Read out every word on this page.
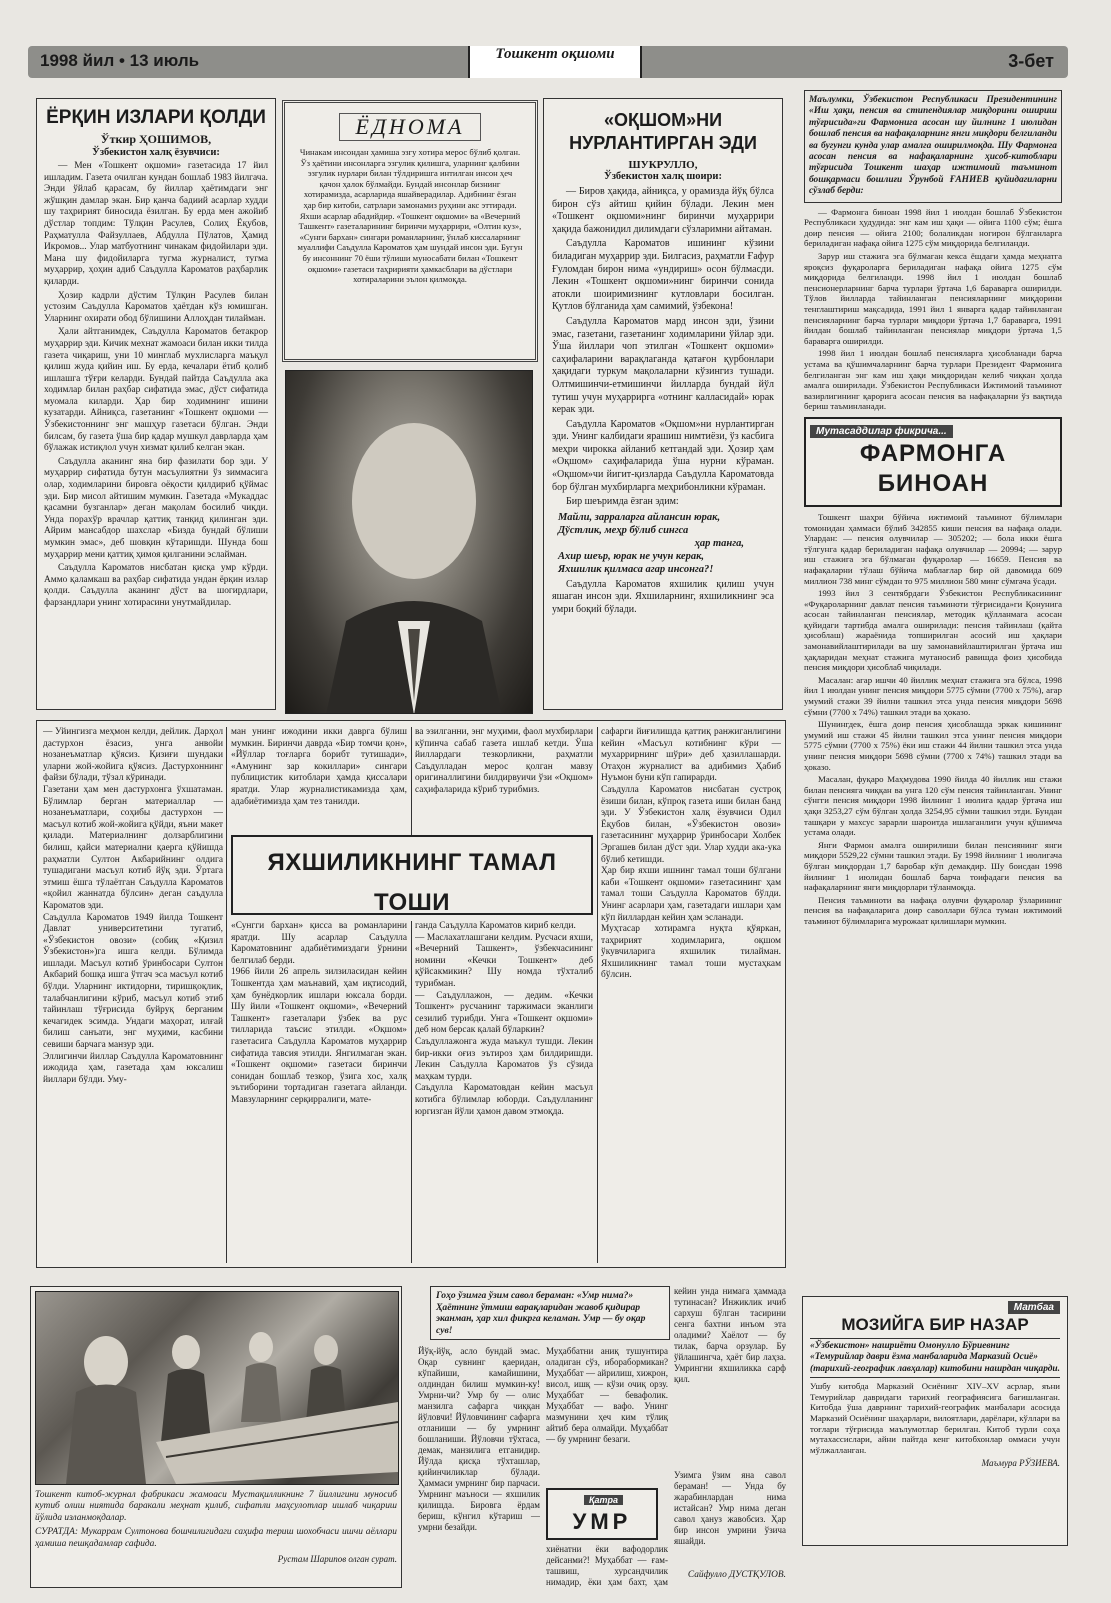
1998 йил • 13 июль	Тошкент оқшоми	3-бет
ЁРҚИН ИЗЛАРИ ҚОЛДИ
Ўткир ҲОШИМОВ,
Ўзбекистон халқ ёзувчиси:

— Мен «Тошкент оқшоми» газетасида 17 йил ишладим. Газета очилган кундан бошлаб 1983 йилгача. Энди ўйлаб қарасам, бу йиллар ҳаётимдаги энг жўшқин дамлар экан. Бир қанча бадиий асарлар худди шу таҳририят биносида ёзилган. Бу ерда мен ажойиб дўстлар топдим: Тўлқин Расулев, Солиҳ Ёқубов, Раҳматулла Файзуллаев, Абдулла Пўлатов, Ҳамид Икромов... Улар матбуотнинг чинакам фидойилари эди. Мана шу фидойиларга тугма журналист, тугма муҳаррир, ҳоҳин адиб Саъдулла Кароматов раҳбарлик қиларди.

Ҳозир кадрли дўстим Тўлқин Расулев билан устозим Саъдулла Кароматов ҳаётдан кўз юмишган. Уларнинг охирати обод бўлишини Аллоҳдан тилайман.

Ҳали айтганимдек, Саъдулла Кароматов бетакрор муҳаррир эди. Кичик мехнат жамоаси билан икки тилда газета чиқариш, уни 10 минглаб мухлисларга маъқул қилиш жуда қийин иш. Бу ерда, кечалари ётиб қолиб ишлашга тўғри келарди. Бундай пайтда Саъдулла ака ходимлар билан раҳбар сифатида эмас, дўст сифатида муомала киларди. Ҳар бир ходимнинг ишини кузатарди. Айниқса, газетанинг «Тошкент оқшоми — Ўзбекистоннинг энг машҳур газетаси бўлган. Энди билсам, бу газета ўша бир қадар мушкул даврларда ҳам бўлажак истиқлол учун хизмат қилиб келган экан.

Саъдулла аканинг яна бир фазилати бор эди. У муҳаррир сифатида бутун масъулиятни ўз зиммасига олар, ходимларини бировга оёқости қилдириб қўймас эди. Бир мисол айтишим мумкин. Газетада «Мукаддас қасамни бузганлар» деган мақолам босилиб чиқди. Унда порахўр врачлар қаттиқ танқид қилинган эди. Айрим мансабдор шахслар «Бизда бундай бўлиши мумкин эмас», деб шовқин кўтаришди. Шунда бош муҳаррир мени қаттиқ ҳимоя қилганини эслайман.

Саъдулла Кароматов нисбатан қисқа умр кўрди. Аммо қаламкаш ва раҳбар сифатида ундан ёрқин излар қолди. Саъдулла аканинг дўст ва шогирдлари, фарзандлари унинг хотирасини унутмайдилар.

ЁДНОМА
Чинакам инсондан ҳамиша эзгу хотира мерос бўлиб қолган. Ўз ҳаётини инсонларга эзгулик қилишга, уларнинг қалбини эзгулик нурлари билан тўлдиришга интилган инсон ҳеч қачон ҳалок бўлмайди. Бундай инсонлар бизнинг хотирамизда, асарларида яшайверадилар. Адибнинг ёзган ҳар бир китоби, сатрлари замонамиз руҳини акс эттиради. Яхши асарлар абадийдир. «Тошкент оқшоми» ва «Вечерний Ташкент» газеталарининг биринчи муҳаррири, «Олтин куз», «Сунги бархан» сингари романларнинг, ўнлаб киссаларнинг муаллифи Саъдулла Кароматов ҳам шундай инсон эди. Бугун бу инсоннинг 70 ёши тўлиши муносабати билан «Тошкент оқшоми» газетаси таҳририяти ҳамкасблари ва дўстлари хотираларини эълон қилмоқда.
«ОҚШОМ»НИ НУРЛАНТИРГАН ЭДИ
ШУКРУЛЛО,
Ўзбекистон халқ шоири:

— Биров ҳақида, айниқса, у орамизда йўқ бўлса бирон сўз айтиш қийин бўлади. Лекин мен «Тошкент оқшоми»нинг биринчи муҳаррири ҳақида бажонидил дилимдаги сўзларимни айтаман.

Саъдулла Кароматов ишининг кўзини биладиган муҳаррир эди. Билгасиз, раҳматли Ғафур Ғуломдан бирон нима «ундириш» осон бўлмасди. Лекин «Тошкент оқшоми»нинг биринчи сонида атокли шоиримизнинг кутловлари босилган. Қутлов бўлганида ҳам самимий, ўзбекона!

Саъдулла Кароматов мард инсон эди, ўзини эмас, газетани, газетанинг ходимларини ўйлар эди. Ўша йиллари чоп этилган «Тошкент оқшоми» саҳифаларини варақлаганда қатағон қурбонлари ҳақидаги туркум мақолаларни кўзингиз тушади. Олтмишинчи-етмишинчи йилларда бундай йўл тутиш учун муҳаррирга «отнинг калласидай» юрак керак эди.

Саъдулла Кароматов «Оқшом»ни нурлантирган эди. Унинг калбидаги ярашиш нимтиёзи, ўз касбига меҳри чирокка айланиб кетгандай эди. Ҳозир ҳам «Оқшом» саҳифаларида ўша нурни кўраман. «Оқшом»чи йигит-қизларда Саъдулла Кароматовда бор бўлган мухбирларга меҳрибонликни кўраман.

Бир шеъримда ёзган эдим:

Майли, зарраларга айлансин юрак,
Дўстлик, меҳр бўлиб сингса
ҳар танга,
Ахир шеър, юрак не учун керак,
Яхшилик қилмаса агар инсонга?!

Саъдулла Кароматов яхшилик қилиш учун яшаган инсон эди. Яхшиларнинг, яхшиликнинг эса умри боқий бўлади.

Маълумки, Ўзбекистон Республикаси Президентининг «Иш ҳақи, пенсия ва стипендиялар миқдорини ошириш тўғрисида»ги Фармонига асосан шу йилнинг 1 июлидан бошлаб пенсия ва нафақаларнинг янги миқдори белгиланди ва бугунги кунда улар амалга оширилмоқда. Шу Фармонга асосан пенсия ва нафақаларнинг ҳисоб-китоблари тўғрисида Тошкент шаҳар ижтимоий таъминот бошқармаси бошлиғи Ўрунбой ҒАНИЕВ қуйидагиларни сўзлаб берди:

— Фармонга биноан 1998 йил 1 июлдан бошлаб Ўзбекистон Республикаси ҳудудида: энг кам иш ҳақи — ойига 1100 сўм; ёшга доир пенсия — ойига 2100; болаликдан ногирон бўлганларга бериладиган нафақа ойига 1275 сўм миқдорида белгиланди.

Зарур иш стажига эга бўлмаган кекса ёшдаги ҳамда меҳнатга яроқсиз фуқароларга бериладиган нафақа ойига 1275 сўм миқдорида белгиланди. 1998 йил 1 июлдан бошлаб пенсионерларнинг барча турлари ўртача 1,6 бараварга оширилди. Тўлов йилларда тайинланган пенсияларнинг миқдорини тенглаштириш мақсадида, 1991 йил 1 январга қадар тайинланган пенсияларнинг барча турлари миқдори ўртача 1,7 бараварга, 1991 йилдан бошлаб тайинланган пенсиялар миқдори ўртача 1,5 бараварга оширилди.

1998 йил 1 июлдан бошлаб пенсияларга ҳисобланади барча устама ва қўшимчаларнинг барча турлари Президент Фармонига белгиланган энг кам иш ҳақи миқдоридан келиб чиқкан ҳолда амалга оширилади. Ўзбекистон Республикаси Ижтимоий таъминот вазирлигининг қарорига асосан пенсия ва нафақаларни ўз вақтида бериш таъминланади.

Мутасаддилар фикрича...
ФАРМОНГА БИНОАН

Тошкент шаҳри бўйича ижтимоий таъминот бўлимлари томонидан ҳаммаси бўлиб 342855 киши пенсия ва нафақа олади. Улардан: — пенсия олувчилар — 305202; — бола икки ёшга тўлгунга қадар бериладиган нафақа олувчилар — 20994; — зарур иш стажига эга бўлмаган фуқаролар — 16659. Пенсия ва нафақаларни тўлаш бўйича маблағлар бир ой давомида 609 миллион 738 минг сўмдан то 975 миллион 580 минг сўмгача ўсади.

1993 йил 3 сентябрдаги Ўзбекистон Республикасининг «Фуқароларнинг давлат пенсия таъминоти тўғрисида»ги Қонунига асосан тайинланган пенсиялар, методик қўлланмага асосан қуйидаги тартибда амалга оширилади: пенсия тайинлаш (қайта ҳисоблаш) жараёнида топширилган асосий иш ҳақлари замонавийлаштирилади ва шу замонавийлаштирилган ўртача иш ҳақларидан меҳнат стажига мутаносиб равишда фоиз ҳисобида пенсия миқдори ҳисоблаб чиқилади.

Масалан: агар ишчи 40 йиллик меҳнат стажига эга бўлса, 1998 йил 1 июлдан унинг пенсия миқдори 5775 сўмни (7700 х 75%), агар умумий стажи 39 йилни ташкил этса унда пенсия миқдори 5698 сўмни (7700 х 74%) ташкил этади ва ҳоказо.

Шунингдек, ёшга доир пенсия ҳисоблашда эркак кишининг умумий иш стажи 45 йилни ташкил этса унинг пенсия миқдори 5775 сўмни (7700 х 75%) ёки иш стажи 44 йилни ташкил этса унда унинг пенсия миқдори 5698 сўмни (7700 х 74%) ташкил этади ва ҳоказо.

Масалан, фуқаро Маҳмудова 1990 йилда 40 йиллик иш стажи билан пенсияга чиққан ва унга 120 сўм пенсия тайинланган. Унинг сўнгги пенсия миқдори 1998 йилнинг 1 июлига қадар ўртача иш ҳақи 3253,27 сўм бўлган ҳолда 3254,95 сўмни ташкил этди. Бундан ташқари у махсус зарарли шароитда ишлаганлиги учун қўшимча устама олади.

Янги Фармон амалга оширилиши билан пенсиянинг янги миқдори 5529,22 сўмни ташкил этади. Бу 1998 йилнинг 1 июлигача бўлган миқдордан 1,7 баробар кўп демакдир. Шу боисдан 1998 йилнинг 1 июлидан бошлаб барча тоифадаги пенсия ва нафақаларнинг янги миқдорлари тўланмоқда.

Пенсия таъминоти ва нафақа олувчи фуқаролар ўзларининг пенсия ва нафақаларига доир саволлари бўлса туман ижтимоий таъминот бўлимларига мурожаат қилишлари мумкин.

Матбаа
МОЗИЙГА БИР НАЗАР
«Ўзбекистон» нашриёти Омонулло Бўриевнинг «Темурийлар даври ёзма манбаларида Марказий Осиё» (тарихий-географик лавҳалар) китобини нашрдан чиқарди.
Ушбу китобда Марказий Осиёнинг XIV–XV асрлар, яъни Темурийлар давридаги тарихий географиясига бағишланган. Китобда ўша даврнинг тарихий-географик манбалари асосида Марказий Осиёнинг шаҳарлари, вилоятлари, дарёлари, кўллари ва тоғлари тўғрисида маълумотлар берилган. Китоб турли соҳа мутахассислари, айни пайтда кенг китобхонлар оммаси учун мўлжалланган.
Маъмура РЎЗИЕВА.
— Уйингизга меҳмон келди, дейлик. Дарҳол дастурхон ёзасиз, унга анвойи нозанеъматлар қўясиз. Қизиғи шундаки уларни жой-жойига қўясиз. Дастурхоннинг файзи бўлади, тўзал кўринади.
Газетани ҳам мен дастурхонга ўхшатаман. Бўлимлар берган материаллар — нозанеъматлари, соҳибы дастурхон — масъул котиб жой-жойига қўйди, яъни макет қилади. Материалнинг долзарблигини билиш, қайси материални қаерга қўйишда раҳматли Султон Акбарийнинг олдига тушадигани масъул котиб йўқ эди. Ўртага этмиш ёшга тўлаётган Саъдулла Кароматов «қойил жаннатда бўлсин» деган саъдулла Кароматов эди.
Саъдулла Кароматов 1949 йилда Тошкент Давлат университетини тугатиб, «Ўзбекистон овози» (собиқ «Қизил Ўзбекистон»)га ишга келди. Бўлимда ишлади. Масъул котиб ўринбосари Султон Акбарий бошқа ишга ўтгач эса масъул котиб бўлди. Уларнинг иктидорни, тиришқоқлик, талабчанлигини кўриб, масъул котиб этиб тайинлаш тўғрисида буйруқ берганим кечагидек эсимда. Ундаги маҳорат, илғай билиш санъати, энг муҳими, касбини севиши барчага манзур эди.
Эллигинчи йиллар Саъдулла Кароматовнинг ижодида ҳам, газетада ҳам юксалиш йиллари бўлди. Уму-
ман унинг ижодини икки даврга бўлиш мумкин. Биринчи даврда «Бир томчи қон», «Йўллар тоғларга борибт тутишади», «Амунинг зар кокиллари» сингари публицистик китоблари ҳамда қиссалари яратди. Улар журналистикамизда ҳам, адабиётимизда ҳам тез танилди.
ва эзилганни, энг муҳими, фаол мухбирлари кўпинча сабаб газета ишлаб кетди. Ўша йиллардаги тезкорликни, раҳматли Саъдулладан мерос қолган мавзу оригиналлигини билдирвуичи ўзи «Оқшом» саҳифаларида кўриб турибмиз.
ЯХШИЛИКНИНГ ТАМАЛ ТОШИ
«Сунгги бархан» қисса ва романларини яратди. Шу асарлар Саъдулла Кароматовнинг адабиётимиздаги ўрнини белгилаб берди.
1966 йили 26 апрель зилзиласидан кейин Тошкентда ҳам маънавий, ҳам иқтисодий, ҳам бунёдкорлик ишлари юксала борди. Шу йили «Тошкент оқшоми», «Вечерний Ташкент» газеталари ўзбек ва рус тилларида таъсис этилди. «Оқшом» газетасига Саъдулла Кароматов муҳаррир сифатида тавсия этилди. Янгилмаган экан. «Тошкент оқшоми» газетаси биринчи сонидан бошлаб тезкор, ўзига хос, халқ эътиборини тортадиган газетага айланди. Мавзуларнинг серқирралиги, мате-
ганда Саъдулла Кароматов кириб келди.
— Маслахатлашгани келдим. Русчаси яхши, «Вечерний Ташкент», ўзбекчасининг номини «Кечки Тошкент» деб қўйсакмикин? Шу номда тўхталиб турибман.
— Саъдуллажон, — дедим. «Кечки Тошкент» русчанинг таржимаси эканлиги сезилиб турибди. Унга «Тошкент оқшоми» деб ном берсак қалай бўларкин?
Саъдуллажонга жуда маъкул тушди. Лекин бир-икки оғиз эътироз ҳам билдиришди. Лекин Саъдулла Кароматов ўз сўзида маҳкам турди.
Саъдулла Кароматовдан кейин масъул котибга бўлимлар юборди. Саъдулланинг юргизган йўли ҳамон давом этмоқда.
сафарги йиғилишда қаттиқ ранжиганлигини кейин «Масъул котибнинг кўри — мухаррирнинг шўри» деб ҳазиллашарди. Отаҳон журналист ва адибимиз Ҳабиб Нуъмон буни кўп гапирарди.
Саъдулла Кароматов нисбатан сустроқ ёзиши билан, кўпроқ газета иши билан банд эди. У Ўзбекистон халқ ёзувчиси Одил Ёқубов билан, «Ўзбекистон овози» газетасининг муҳаррир ўринбосари Холбек Эргашев билан дўст эди. Улар худди ака-ука бўлиб кетишди.
Ҳар бир яхши ишнинг тамал тоши бўлгани каби «Тошкент оқшоми» газетасининг ҳам тамал тоши Саъдулла Кароматов бўлди. Унинг асарлари ҳам, газетадаги ишлари ҳам кўп йиллардан кейин ҳам эсланади.
Муҳтасар хотирамга нуқта қўяркан, таҳририят ходимларига, оқшом ўкувчиларига яхшилик тилайман. Яхшиликнинг тамал тоши мустаҳкам бўлсин.
Тошкент китоб-журнал фабрикаси жамоаси Мустақилликнинг 7 йиллигини муносиб кутиб олиш ниятида баракали меҳнат қилиб, сифатли маҳсулотлар ишлаб чиқариш йўлида изланмоқдалар.
СУРАТДА: Мукаррам Султонова бошчилигидаги саҳифа териш шохобчаси ишчи аёллари ҳамиша пешқадамлар сафида.
Рустам Шарипов олган сурат.
Гоҳо ўзимга ўзим савол бераман: «Умр нима?» Ҳаётнинг ўтмиш варақларидан жавоб қидирар эканман, ҳар хил фикрга келаман. Умр — бу оқар сув!
Йўқ-йўқ, асло бундай эмас. Оқар сувнинг қаеридан, кўпайиши, камайишини, олдиндан билиш мумкин-ку! Умрни-чи? Умр бу — олис манзилга сафарга чиққан йўловчи! Йўловчининг сафарга отланиши — бу умрнинг бошланиши. Йўловчи тўхтаса, демак, манзилига етганидир. Йўлда қисқа тўхташлар, қийинчиликлар бўлади. Ҳаммаси умрнинг бир парчаси. Умрнинг маъноси — яхшилик қилишда. Бировга ёрдам бериш, кўнгил кўтариш — умрни безайди.
Муҳаббатни аниқ тушунтира оладиган сўз, иборабормикан? Муҳаббат — айрилиш, хижрон, висол, ишқ — кўзи очиқ орзу. Муҳаббат — бевафолик. Муҳаббат — вафо. Унинг мазмунини ҳеч ким тўлиқ айтиб бера олмайди. Муҳаббат — бу умрнинг безаги.
Қатра
УМР
хиёнатни ёки вафодорлик дейсанми?! Муҳаббат — ғам-ташвиш, хурсандчилик нимадир, ёки ҳам бахт, ҳам
кейин унда нимага ҳаммада тутинасан? Инжиклик ичиб сархуш бўлган тасирини сенга бахтни инъом эта оладими? Хаёлот — бу тилак, барча орзулар. Бу ўйлашингча, ҳаёт бир лаҳза. Умрингни яхшиликка сарф қил.
Узимга ўзим яна савол бераман! — Унда бу жарабинлардан нима истайсан? Умр нима деган савол ҳануз жавобсиз. Ҳар бир инсон умрини ўзича яшайди.
Сайфулло ДЎСТҚУЛОВ.
